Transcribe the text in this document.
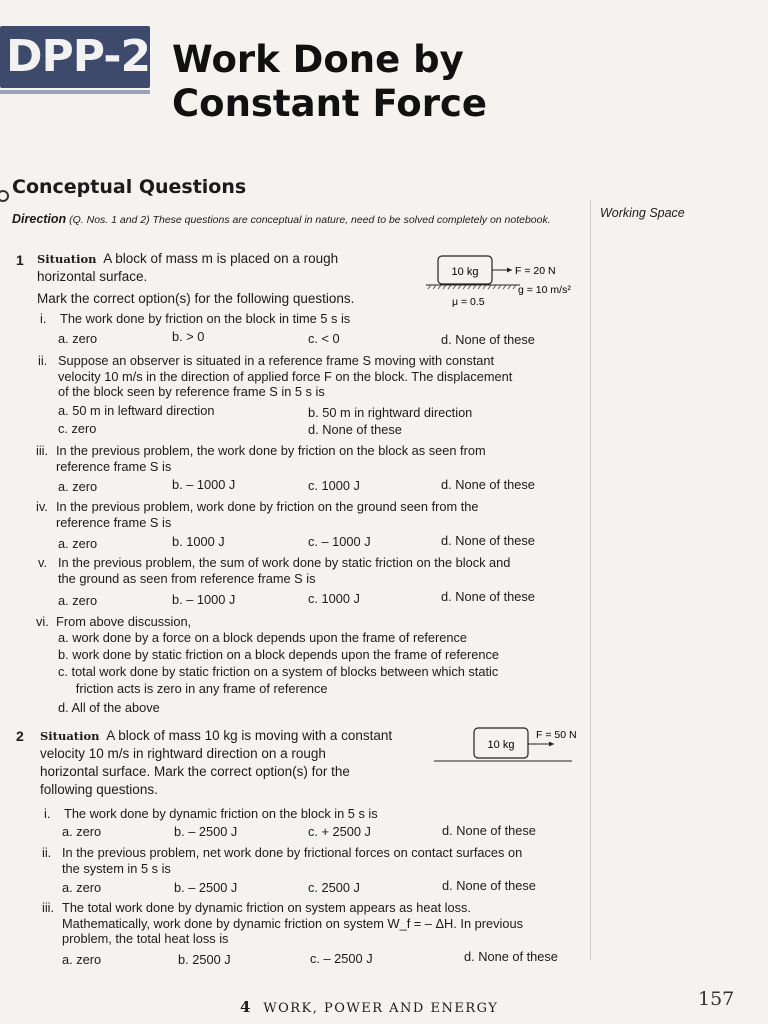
DPP-2 Work Done by
Constant Force
Conceptual Questions
Working Space
Direction (Q. Nos. 1 and 2) These questions are conceptual in nature, need to be solved completely on notebook.
1 Situation A block of mass m is placed on a rough
horizontal surface.
Mark the correct option(s) for the following questions.
10 kg	F = 20 N
g = 10 m/s²
μ = 0.5
i. The work done by friction on the block in time 5 s is
a. zero	b. > 0	c. < 0	d. None of these
ii. Suppose an observer is situated in a reference frame S moving with constant
velocity 10 m/s in the direction of applied force F on the block. The displacement
of the block seen by reference frame S in 5 s is
a. 50 m in leftward direction	b. 50 m in rightward direction
c. zero	d. None of these
iii. In the previous problem, the work done by friction on the block as seen from
reference frame S is
a. zero	b. – 1000 J	c. 1000 J	d. None of these
iv. In the previous problem, work done by friction on the ground seen from the
reference frame S is
a. zero	b. 1000 J	c. – 1000 J	d. None of these
v. In the previous problem, the sum of work done by static friction on the block and
the ground as seen from reference frame S is
a. zero	b. – 1000 J	c. 1000 J	d. None of these
vi. From above discussion,
a. work done by a force on a block depends upon the frame of reference
b. work done by static friction on a block depends upon the frame of reference
c. total work done by static friction on a system of blocks between which static
friction acts is zero in any frame of reference
d. All of the above
2 Situation A block of mass 10 kg is moving with a constant
velocity 10 m/s in rightward direction on a rough
horizontal surface. Mark the correct option(s) for the
following questions.
10 kg
F = 50 N
i. The work done by dynamic friction on the block in 5 s is
a. zero	b. – 2500 J	c. + 2500 J	d. None of these
ii. In the previous problem, net work done by frictional forces on contact surfaces on
the system in 5 s is
a. zero	b. – 2500 J	c. 2500 J	d. None of these
iii. The total work done by dynamic friction on system appears as heat loss.
Mathematically, work done by dynamic friction on system W_f = – ΔH. In previous
problem, the total heat loss is
a. zero	b. 2500 J	c. – 2500 J	d. None of these
4 WORK, POWER AND ENERGY	157
